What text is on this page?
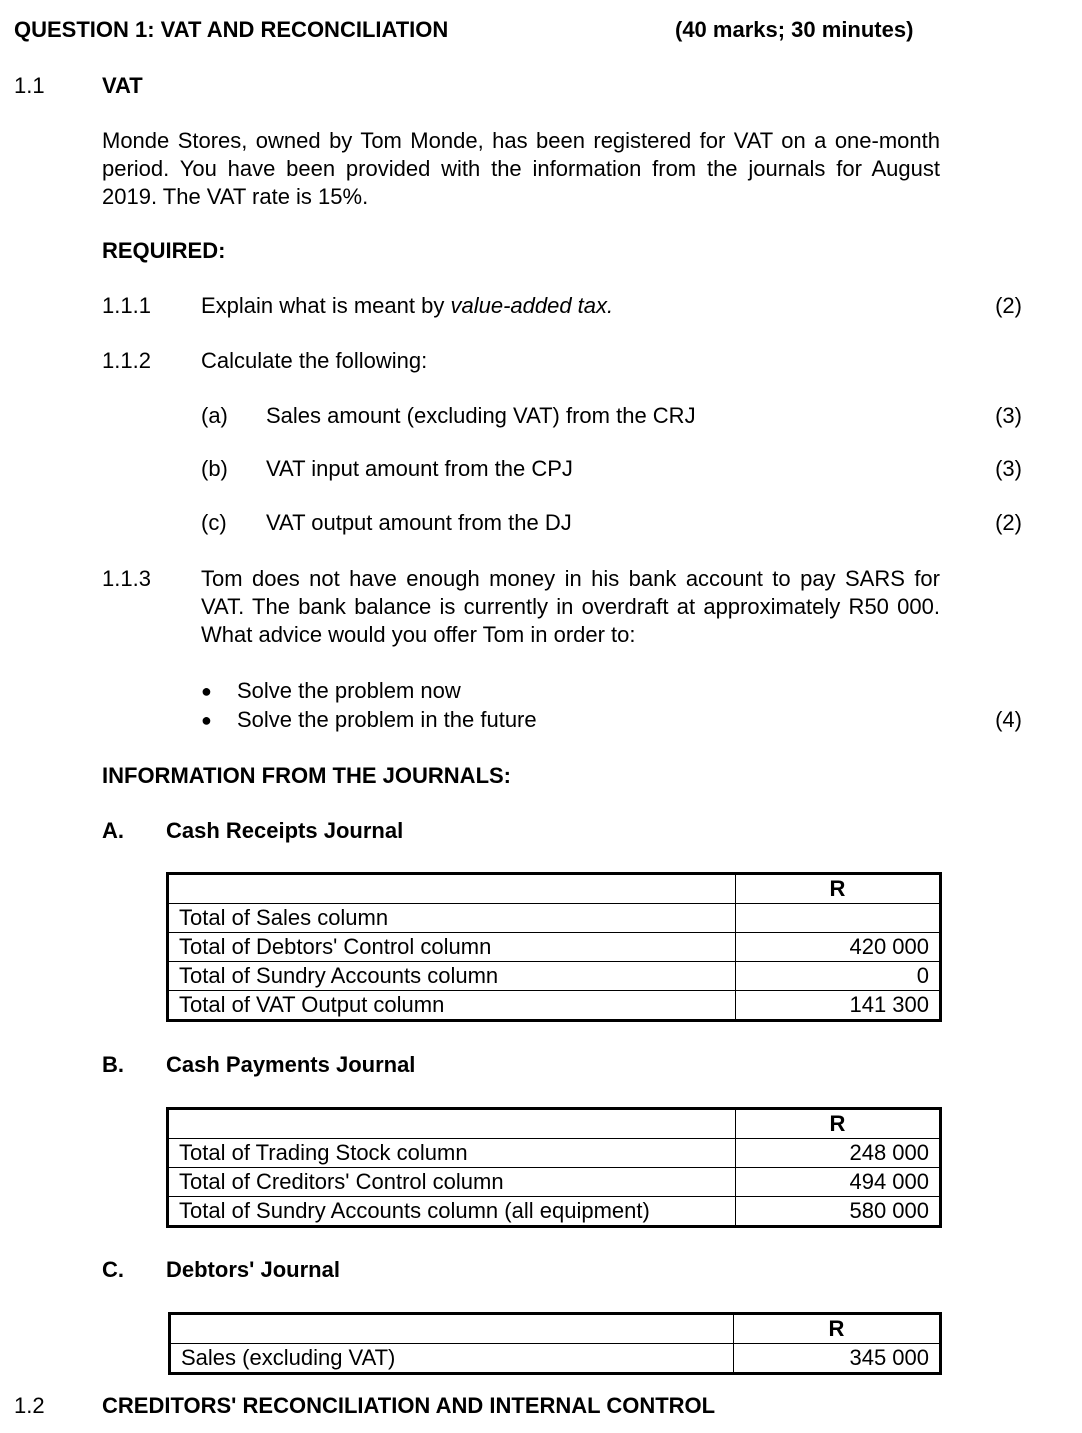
QUESTION 1: VAT AND RECONCILIATION	(40 marks; 30 minutes)
1.1	VAT
Monde Stores, owned by Tom Monde, has been registered for VAT on a one-month period. You have been provided with the information from the journals for August 2019. The VAT rate is 15%.
REQUIRED:
1.1.1 Explain what is meant by value-added tax.	(2)
1.1.2 Calculate the following:
(a) Sales amount (excluding VAT) from the CRJ	(3)
(b) VAT input amount from the CPJ	(3)
(c) VAT output amount from the DJ	(2)
1.1.3 Tom does not have enough money in his bank account to pay SARS for VAT. The bank balance is currently in overdraft at approximately R50 000. What advice would you offer Tom in order to:
● Solve the problem now
● Solve the problem in the future	(4)
INFORMATION FROM THE JOURNALS:
A. Cash Receipts Journal
	R
Total of Sales column	
Total of Debtors' Control column	420 000
Total of Sundry Accounts column	0
Total of VAT Output column	141 300
B. Cash Payments Journal
	R
Total of Trading Stock column	248 000
Total of Creditors' Control column	494 000
Total of Sundry Accounts column (all equipment)	580 000
C. Debtors' Journal
	R
Sales (excluding VAT)	345 000
1.2	CREDITORS' RECONCILIATION AND INTERNAL CONTROL
